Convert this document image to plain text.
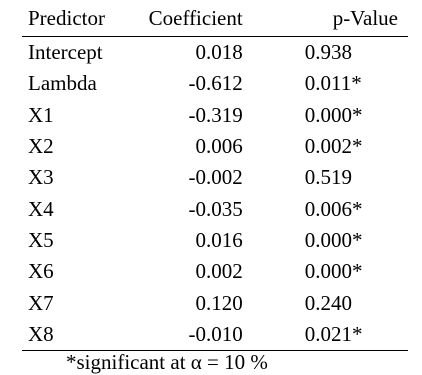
Predictor	Coefficient	p-Value
Intercept	0.018	0.938
Lambda	-0.612	0.011*
X1	-0.319	0.000*
X2	0.006	0.002*
X3	-0.002	0.519
X4	-0.035	0.006*
X5	0.016	0.000*
X6	0.002	0.000*
X7	0.120	0.240
X8	-0.010	0.021*
*significant at α = 10 %
